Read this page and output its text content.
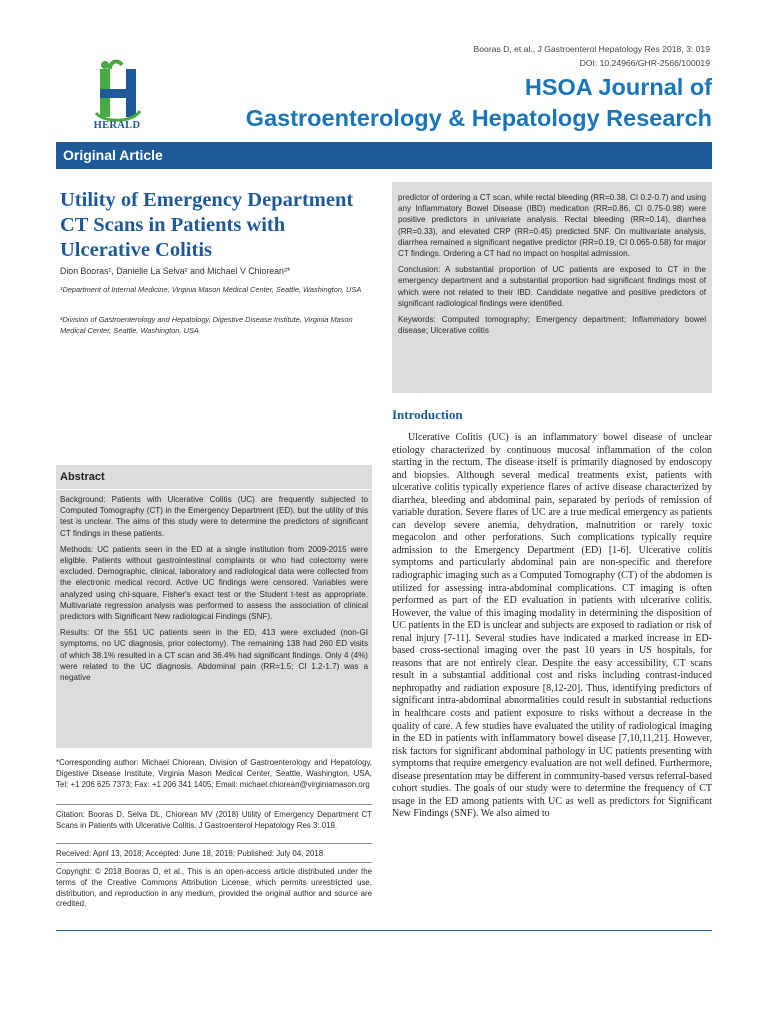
Booras D, et al., J Gastroenterol Hepatology Res 2018, 3: 019
DOI: 10.24966/GHR-2566/100019
HERALD
HSOA Journal of
Gastroenterology & Hepatology Research
Original Article
Utility of Emergency Department CT Scans in Patients with Ulcerative Colitis
Dion Booras¹, Danielle La Selva² and Michael V Chiorean²*
¹Department of Internal Medicine, Virginia Mason Medical Center, Seattle, Washington, USA
²Division of Gastroenterology and Hepatology, Digestive Disease Institute, Virginia Mason Medical Center, Seattle, Washington, USA
Abstract

Background: Patients with Ulcerative Colitis (UC) are frequently subjected to Computed Tomography (CT) in the Emergency Department (ED), but the utility of this test is unclear. The aims of this study were to determine the predictors of significant CT findings in these patients.

Methods: UC patients seen in the ED at a single institution from 2009-2015 were eligible. Patients without gastrointestinal complaints or who had colectomy were excluded. Demographic, clinical, laboratory and radiological data were collected from the electronic medical record. Active UC findings were censored. Variables were analyzed using chi-square, Fisher's exact test or the Student t-test as appropriate. Multivariate regression analysis was performed to assess the association of clinical predictors with Significant New radiological Findings (SNF).

Results: Of the 551 UC patients seen in the ED, 413 were excluded (non-GI symptoms, no UC diagnosis, prior colectomy). The remaining 138 had 260 ED visits of which 38.1% resulted in a CT scan and 36.4% had significant findings. Only 4 (4%) were related to the UC diagnosis. Abdominal pain (RR=1.5; CI 1.2-1.7) was a negative

predictor of ordering a CT scan, while rectal bleeding (RR=0.38, CI 0.2-0.7) and using any Inflammatory Bowel Disease (IBD) medication (RR=0.86, CI 0.75-0.98) were positive predictors in univariate analysis. Rectal bleeding (RR=0.14), diarrhea (RR=0.33), and elevated CRP (RR=0.45) predicted SNF. On multivariate analysis, diarrhea remained a significant negative predictor (RR=0.19, CI 0.065-0.58) for major CT findings. Ordering a CT had no impact on hospital admission.

Conclusion: A substantial proportion of UC patients are exposed to CT in the emergency department and a substantial proportion had significant findings most of which were not related to their IBD. Candidate negative and positive predictors of significant radiological findings were identified.

Keywords: Computed tomography; Emergency department; Inflammatory bowel disease; Ulcerative colitis

*Corresponding author: Michael Chiorean, Division of Gastroenterology and Hepatology, Digestive Disease Institute, Virginia Mason Medical Center, Seattle, Washington, USA, Tel: +1 206 625 7373; Fax: +1 206 341 1405; Email: michael.chiorean@virginiamason.org
Citation: Booras D, Selva DL, Chiorean MV (2018) Utility of Emergency Department CT Scans in Patients with Ulcerative Colitis. J Gastroenterol Hepatology Res 3: 019.
Received: April 13, 2018; Accepted: June 18, 2018; Published: July 04, 2018
Copyright: © 2018 Booras D, et al., This is an open-access article distributed under the terms of the Creative Commons Attribution License, which permits unrestricted use, distribution, and reproduction in any medium, provided the original author and source are credited.
Introduction
Ulcerative Colitis (UC) is an inflammatory bowel disease of unclear etiology characterized by continuous mucosal inflammation of the colon starting in the rectum. The disease itself is primarily diagnosed by endoscopy and biopsies. Although several medical treatments exist, patients with ulcerative colitis typically experience flares of active disease characterized by diarrhea, bleeding and abdominal pain, separated by periods of remission of variable duration. Severe flares of UC are a true medical emergency as patients can develop severe anemia, dehydration, malnutrition or rarely toxic megacolon and other perforations. Such complications typically require admission to the Emergency Department (ED) [1-6]. Ulcerative colitis symptoms and particularly abdominal pain are non-specific and therefore radiographic imaging such as a Computed Tomography (CT) of the abdomen is utilized for assessing intra-abdominal complications. CT imaging is often performed as part of the ED evaluation in patients with ulcerative colitis. However, the value of this imaging modality in determining the disposition of UC patients in the ED is unclear and subjects are exposed to radiation or risk of renal injury [7-11]. Several studies have indicated a marked increase in ED-based cross-sectional imaging over the past 10 years in US hospitals, for reasons that are not entirely clear. Despite the easy accessibility, CT scans result in a substantial additional cost and risks including contrast-induced nephropathy and radiation exposure [8,12-20]. Thus, identifying predictors of significant intra-abdominal abnormalities could result in substantial reductions in healthcare costs and patient exposure to risks without a decrease in the quality of care. A few studies have evaluated the utility of radiological imaging in the ED in patients with inflammatory bowel disease [7,10,11,21]. However, risk factors for significant abdominal pathology in UC patients presenting with symptoms that require emergency evaluation are not well defined. Furthermore, disease presentation may be different in community-based versus referral-based cohort studies. The goals of our study were to determine the frequency of CT usage in the ED among patients with UC as well as predictors for Significant New Findings (SNF). We also aimed to
